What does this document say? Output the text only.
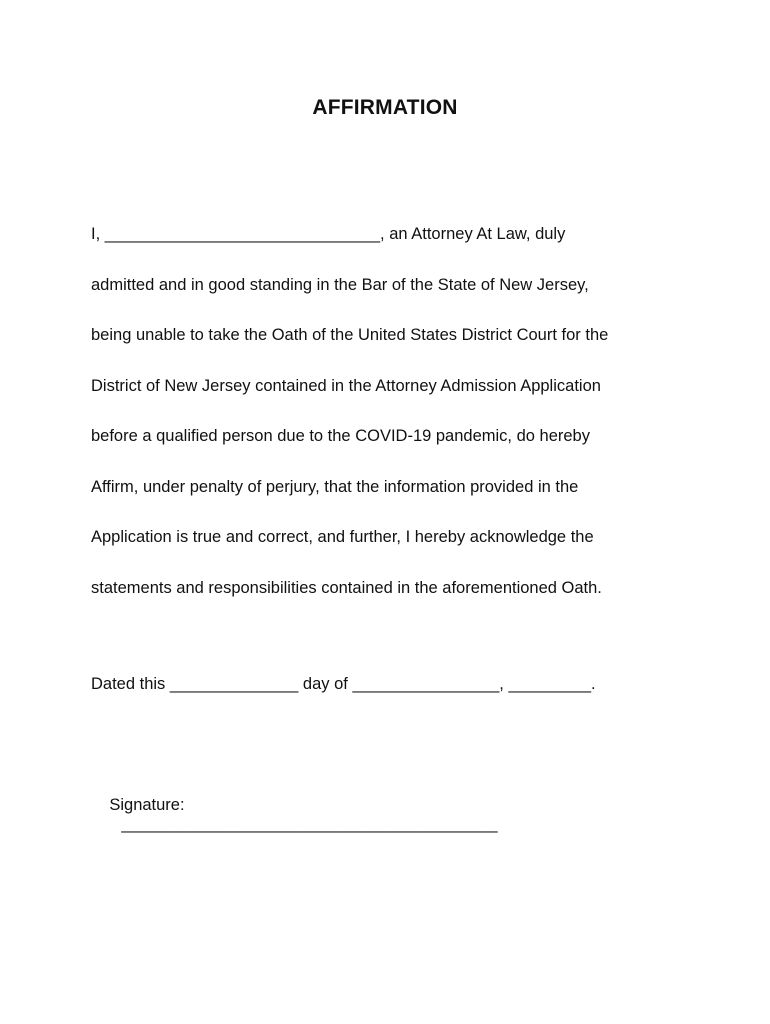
AFFIRMATION
I, ______________________________, an Attorney At Law, duly
admitted and in good standing in the Bar of the State of New Jersey,
being unable to take the Oath of the United States District Court for the
District of New Jersey contained in the Attorney Admission Application
before a qualified person due to the COVID-19 pandemic, do hereby
Affirm, under penalty of perjury, that the information provided in the
Application is true and correct, and further, I hereby acknowledge the
statements and responsibilities contained in the aforementioned Oath.
Dated this ______________ day of ________________, _________.

Signature:
_________________________________________
